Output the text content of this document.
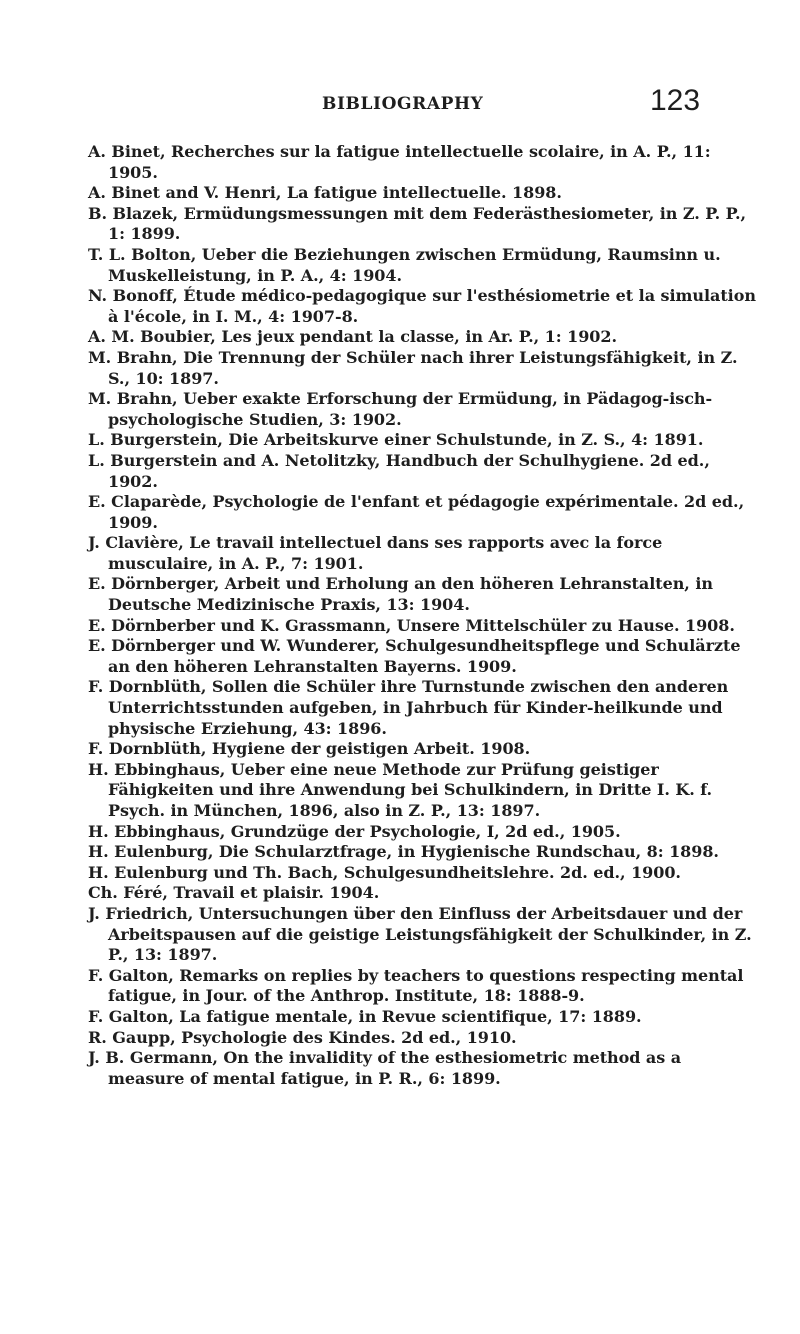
BIBLIOGRAPHY	123
A. Binet, Recherches sur la fatigue intellectuelle scolaire, in A. P., 11: 1905.
A. Binet and V. Henri, La fatigue intellectuelle. 1898.
B. Blazek, Ermüdungsmessungen mit dem Federästhesiometer, in Z. P. P., 1: 1899.
T. L. Bolton, Ueber die Beziehungen zwischen Ermüdung, Raumsinn u. Muskelleistung, in P. A., 4: 1904.
N. Bonoff, Étude médico-pedagogique sur l'esthésiometrie et la simulation à l'école, in I. M., 4: 1907-8.
A. M. Boubier, Les jeux pendant la classe, in Ar. P., 1: 1902.
M. Brahn, Die Trennung der Schüler nach ihrer Leistungsfähigkeit, in Z. S., 10: 1897.
M. Brahn, Ueber exakte Erforschung der Ermüdung, in Pädagog-isch-psychologische Studien, 3: 1902.
L. Burgerstein, Die Arbeitskurve einer Schulstunde, in Z. S., 4: 1891.
L. Burgerstein and A. Netolitzky, Handbuch der Schulhygiene. 2d ed., 1902.
E. Claparède, Psychologie de l'enfant et pédagogie expérimentale. 2d ed., 1909.
J. Clavière, Le travail intellectuel dans ses rapports avec la force musculaire, in A. P., 7: 1901.
E. Dörnberger, Arbeit und Erholung an den höheren Lehranstalten, in Deutsche Medizinische Praxis, 13: 1904.
E. Dörnberber und K. Grassmann, Unsere Mittelschüler zu Hause. 1908.
E. Dörnberger und W. Wunderer, Schulgesundheitspflege und Schulärzte an den höheren Lehranstalten Bayerns. 1909.
F. Dornblüth, Sollen die Schüler ihre Turnstunde zwischen den anderen Unterrichtsstunden aufgeben, in Jahrbuch für Kinder-heilkunde und physische Erziehung, 43: 1896.
F. Dornblüth, Hygiene der geistigen Arbeit. 1908.
H. Ebbinghaus, Ueber eine neue Methode zur Prüfung geistiger Fähigkeiten und ihre Anwendung bei Schulkindern, in Dritte I. K. f. Psych. in München, 1896, also in Z. P., 13: 1897.
H. Ebbinghaus, Grundzüge der Psychologie, I, 2d ed., 1905.
H. Eulenburg, Die Schularztfrage, in Hygienische Rundschau, 8: 1898.
H. Eulenburg und Th. Bach, Schulgesundheitslehre. 2d. ed., 1900.
Ch. Féré, Travail et plaisir. 1904.
J. Friedrich, Untersuchungen über den Einfluss der Arbeitsdauer und der Arbeitspausen auf die geistige Leistungsfähigkeit der Schulkinder, in Z. P., 13: 1897.
F. Galton, Remarks on replies by teachers to questions respecting mental fatigue, in Jour. of the Anthrop. Institute, 18: 1888-9.
F. Galton, La fatigue mentale, in Revue scientifique, 17: 1889.
R. Gaupp, Psychologie des Kindes. 2d ed., 1910.
J. B. Germann, On the invalidity of the esthesiometric method as a measure of mental fatigue, in P. R., 6: 1899.
